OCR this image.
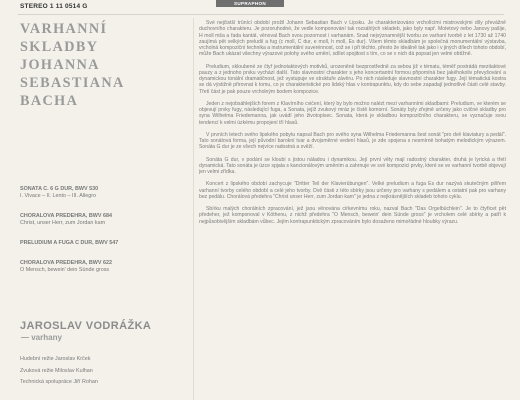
STEREO 1 11 0514 G	SUPRAPHON

VARHANNÍ SKLADBY

JOHANNA

SEBASTIANA

BACHA

SONATA C. 6 G DUR, BWV 530
I. Vivace – II. Lento – III. Allegro
CHORALOVA PREDEHRA, BWV 684
Christ, unser Herr, zum Jordan kam
PRELUDIUM A FUGA C DUR, BWV 547
CHORALOVA PREDEHRA, BWV 622
O Mensch, bewein' dein Sünde gross
JAROSLAV VODRÁŽKA
— varhany
Hudební režie Jaroslav Krček
Zvuková režie Miloslav Kulhan
Technická spolupráce Jiří Rohan

Své nejčistší trůnící období prožil Johann Sebastian Bach v Lipsku. Je charakterizováno vrcholícími mistrovskými díly převážně duchovního charakteru. Je pozoruhodné, že vedle komponování tak rozsáhlých skladeb, jako byly např. Motetový nebo Janovy pašije, H moll mša a řada kantát, věnoval Bach svou pozornost i varhanám. Snad nejvýznamnější tvorbu ze varhaní tvorbě z let 1730 až 1740 zaujímá pět velkých preludií a fug (c moll, C dur, e moll, h moll, Es dur). Všem těmto skladbám je společná monumentální výstavba, vrcholná kompoziční technika a instrumentální suverénnost, což se i při těchto, přesto že ideálně tak jako i v jiných dílech tohoto období, může Bach ukázat všechny výrazové polohy svého umění, sdílet spojitost s tím, co se v nich dá popsat jen velmi obtížně.

Preludium, skloubené ze čtyř jednotaktových motivků, urozeněně bezprostředně za sebou již v tématu, téměř postrádá mezitaktové pauzy a z jednoho prvku vychází další. Tato slavnostní charakter s jeho koncertantní formou připomíná bez jakéhokoliv převyšování a dynamickou tonální dramatičnost, jež vystupuje ve struktuře závěru. Po nich následuje slavnostní charakter fugy. Její tématická kostra se dá výstižně přirovnat k tomu, co je charakteristické pro lidský hlas v kontrapunktu, kdy do sebe zapadají jednotlivé části celé stavby. Třetí část je pak pouze vrcholným bodem kompozice.

Jeden z nejobsáhlejších forem z Klavírního cvičení, který by bylo možno nalézt mezi varhanními skladbami: Preludium, ve kterém se objevují prvky fugy, následující fuga, a Sonata, jejíž zvukový mráz je čistě komorní. Sonáty byly zřejmě určeny jako cvičné skladby pro syna Wilhelma Friedemanna, jak uvádí jeho životopisec. Sonata, která je skladbou kompozičního charakteru, se vyznačuje svou tendencí k velmi úzkému propojení tří hlasů.

V prvních letech svého lipského pobytu napsal Bach pro svého syna Wilhelma Friedemanna šest sonát "pro dvě klaviatury a pedál". Tato sonátová forma, její původní barokní tvar a dvojsměrné vedení hlasů, je zde spojena s nesmírně bohatým melodickým výrazem. Sonáta G dur je ze všech nejvíce radostná a svěží.

Sonáta G dur, v podání se kloubí s jistou náladou i dynamikou. Její první věty mají radostný charakter, druhá je lyrická a třetí dynamická. Tato sonáta je úzce spjata s kancionálovým uměním a zahrnuje ve své kompozici prvky, které se ve varhanní tvorbě objevují jen velmi zřídka.

Koncert z lipského období zachycuje "Dritter Teil der Klavierübungen". Velké preludium a fuga Es dur nazývá skutečným pilířem varhanní tvorby celého období a celé jeho tvorby. Dvě části z této sbírky jsou určeny pro varhany s pedálem a ostatní pak pro varhany bez pedálu. Chorálová předehra "Christ unser Herr, zum Jordan kam" je jedna z nejkrásnějších skladeb tohoto cyklu.

Sbírku malých chorálních zpracování, jež jsou věnována církevnímu roku, nazval Bach "Das Orgelbüchlein". Je to čtyřicet pět předeher, jež komponoval v Köthenu, z nichž předehra "O Mensch, bewein' dein Sünde gross" je vrcholem celé sbírky a patří k nejpůsobivějším skladbám vůbec. Jejím kontrapunktickým zpracováním bylo dosaženo mimořádné hloubky výrazu.
